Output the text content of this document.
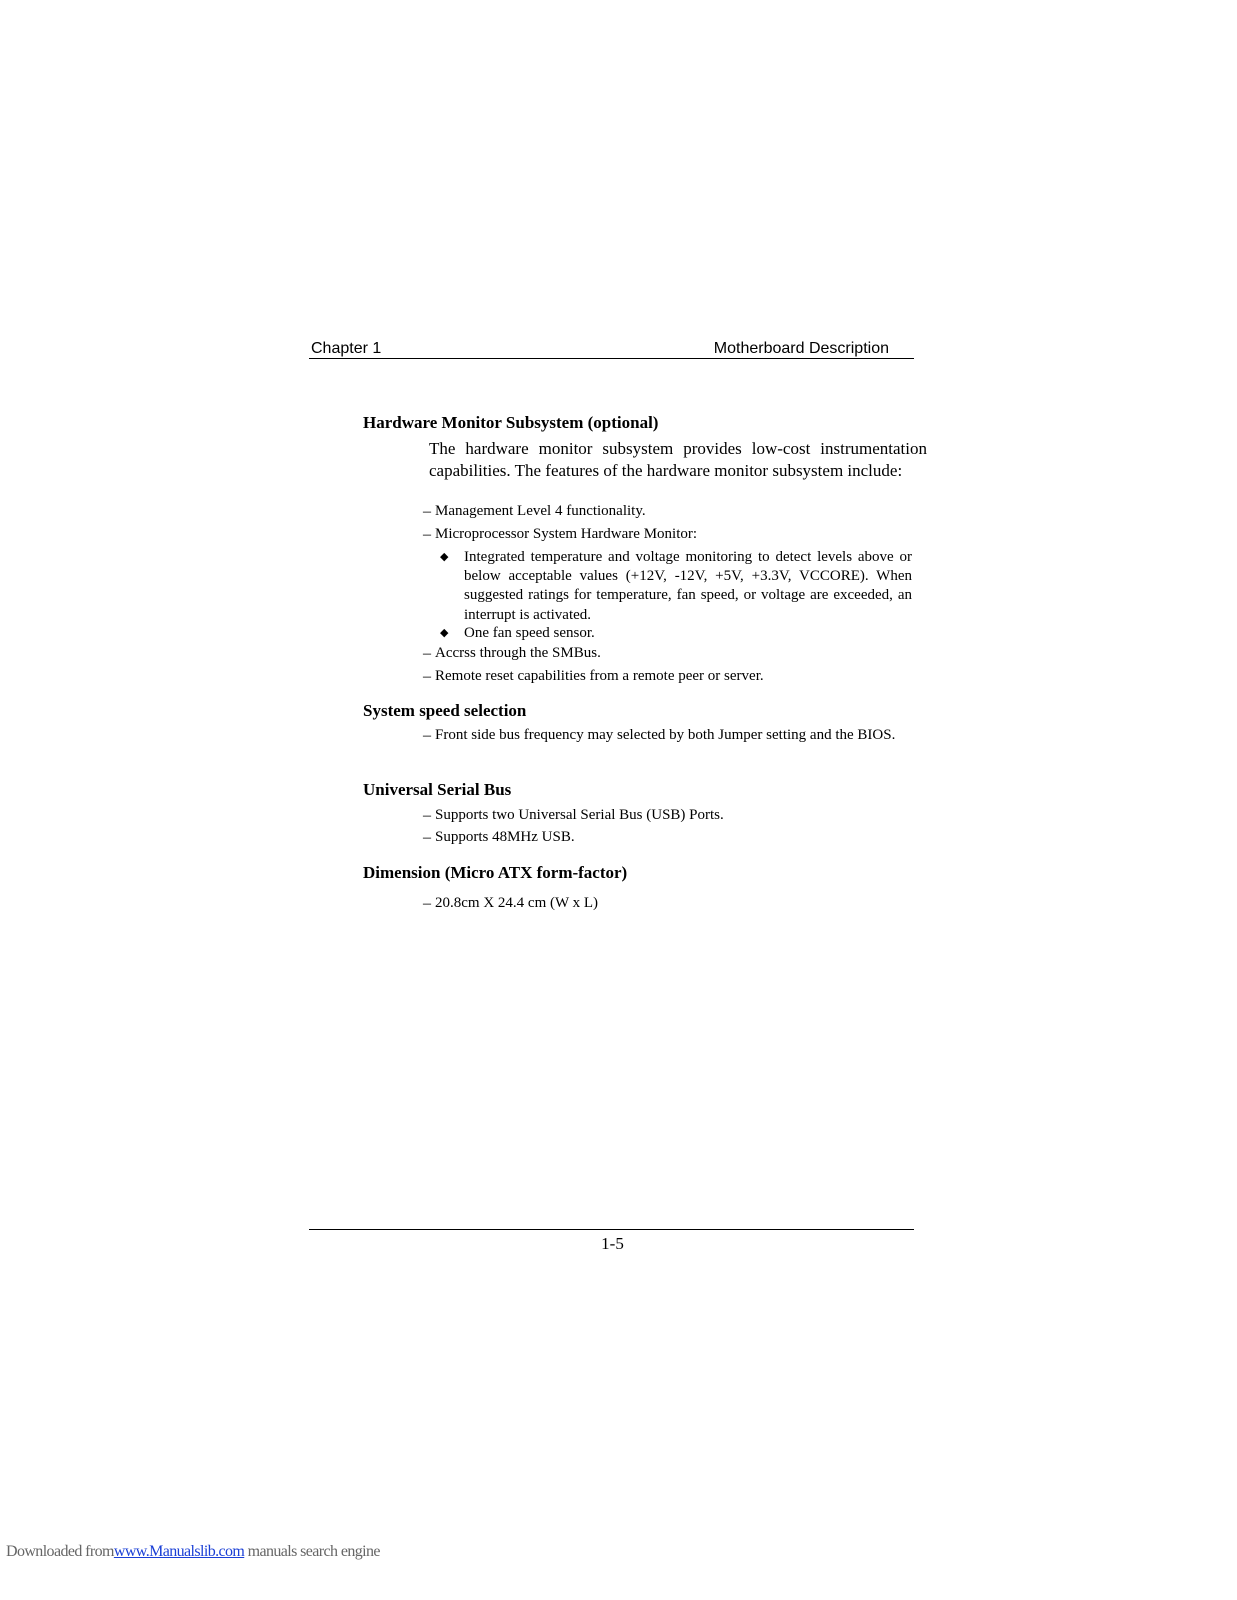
Chapter 1	Motherboard Description
Hardware Monitor Subsystem (optional)

The hardware monitor subsystem provides low-cost instrumentation capabilities. The features of the hardware monitor subsystem include:

– Management Level 4 functionality.
– Microprocessor System Hardware Monitor:
◆ Integrated temperature and voltage monitoring to detect levels above or below acceptable values (+12V, -12V, +5V, +3.3V, VCCORE). When suggested ratings for temperature, fan speed, or voltage are exceeded, an interrupt is activated.
◆ One fan speed sensor.
– Accrss through the SMBus.
– Remote reset capabilities from a remote peer or server.
System speed selection
– Front side bus frequency may selected by both Jumper setting and the BIOS.
Universal Serial Bus
– Supports two Universal Serial Bus (USB) Ports.
– Supports 48MHz USB.
Dimension (Micro ATX form-factor)
– 20.8cm X 24.4 cm (W x L)
1-5
Downloaded fromwww.Manualslib.com manuals search engine
